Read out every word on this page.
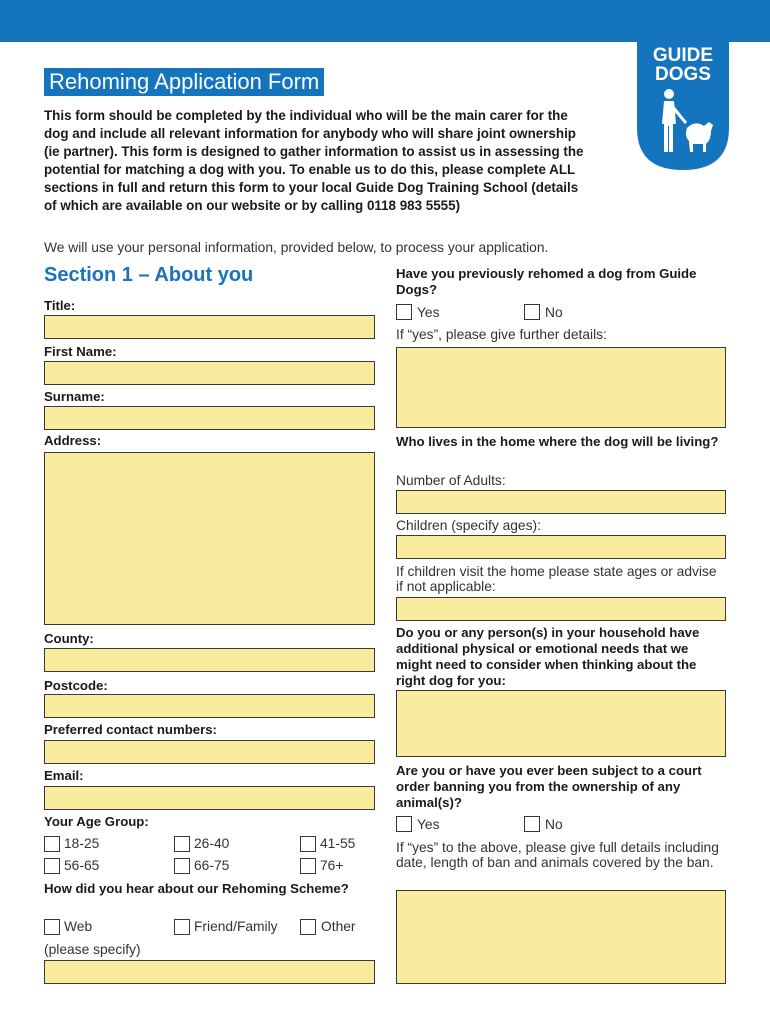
GUIDE DOGS
Rehoming Application Form
This form should be completed by the individual who will be the main carer for the dog and include all relevant information for anybody who will share joint ownership (ie partner). This form is designed to gather information to assist us in assessing the potential for matching a dog with you. To enable us to do this, please complete ALL sections in full and return this form to your local Guide Dog Training School (details of which are available on our website or by calling 0118 983 5555)
We will use your personal information, provided below, to process your application.
Section 1 – About you
Title:
First Name:
Surname:
Address:
County:
Postcode:
Preferred contact numbers:
Email:
Your Age Group:
18-25	26-40	41-55
56-65	66-75	76+
How did you hear about our Rehoming Scheme?
Web	Friend/Family	Other
(please specify)
Have you previously rehomed a dog from Guide Dogs?
Yes	No
If “yes”, please give further details:
Who lives in the home where the dog will be living?
Number of Adults:
Children (specify ages):
If children visit the home please state ages or advise if not applicable:
Do you or any person(s) in your household have additional physical or emotional needs that we might need to consider when thinking about the right dog for you:
Are you or have you ever been subject to a court order banning you from the ownership of any animal(s)?
Yes	No
If “yes” to the above, please give full details including date, length of ban and animals covered by the ban.
